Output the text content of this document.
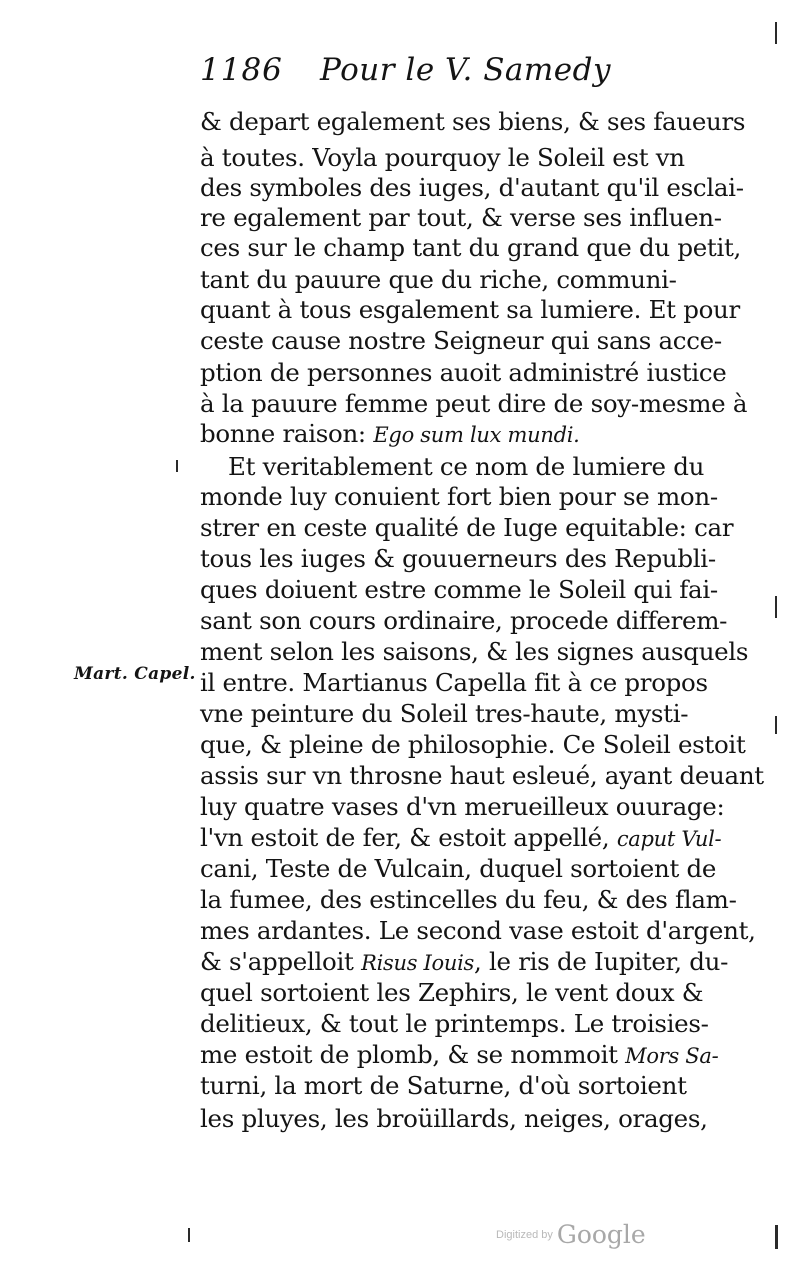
1186 Pour le V. Samedy
& depart egalement ses biens, & ses faueurs
à toutes. Voyla pourquoy le Soleil est vn
des symboles des iuges, d'autant qu'il esclai-
re egalement par tout, & verse ses influen-
ces sur le champ tant du grand que du petit,
tant du pauure que du riche, communi-
quant à tous esgalement sa lumiere. Et pour
ceste cause nostre Seigneur qui sans acce-
ption de personnes auoit administré iustice
à la pauure femme peut dire de soy-mesme à
bonne raison: Ego sum lux mundi.
Et veritablement ce nom de lumiere du
monde luy conuient fort bien pour se mon-
strer en ceste qualité de Iuge equitable: car
tous les iuges & gouuerneurs des Republi-
ques doiuent estre comme le Soleil qui fai-
sant son cours ordinaire, procede differem-
ment selon les saisons, & les signes ausquels
il entre. Martianus Capella fit à ce propos
vne peinture du Soleil tres-haute, mysti-
que, & pleine de philosophie. Ce Soleil estoit
assis sur vn throsne haut esleué, ayant deuant
luy quatre vases d'vn merueilleux ouurage:
l'vn estoit de fer, & estoit appellé, caput Vul-
cani, Teste de Vulcain, duquel sortoient de
la fumee, des estincelles du feu, & des flam-
mes ardantes. Le second vase estoit d'argent,
& s'appelloit Risus Iouis, le ris de Iupiter, du-
quel sortoient les Zephirs, le vent doux &
delitieux, & tout le printemps. Le troisies-
me estoit de plomb, & se nommoit Mors Sa-
turni, la mort de Saturne, d'où sortoient
les pluyes, les broüillards, neiges, orages,
Mart. Capel.
Digitized by Google
